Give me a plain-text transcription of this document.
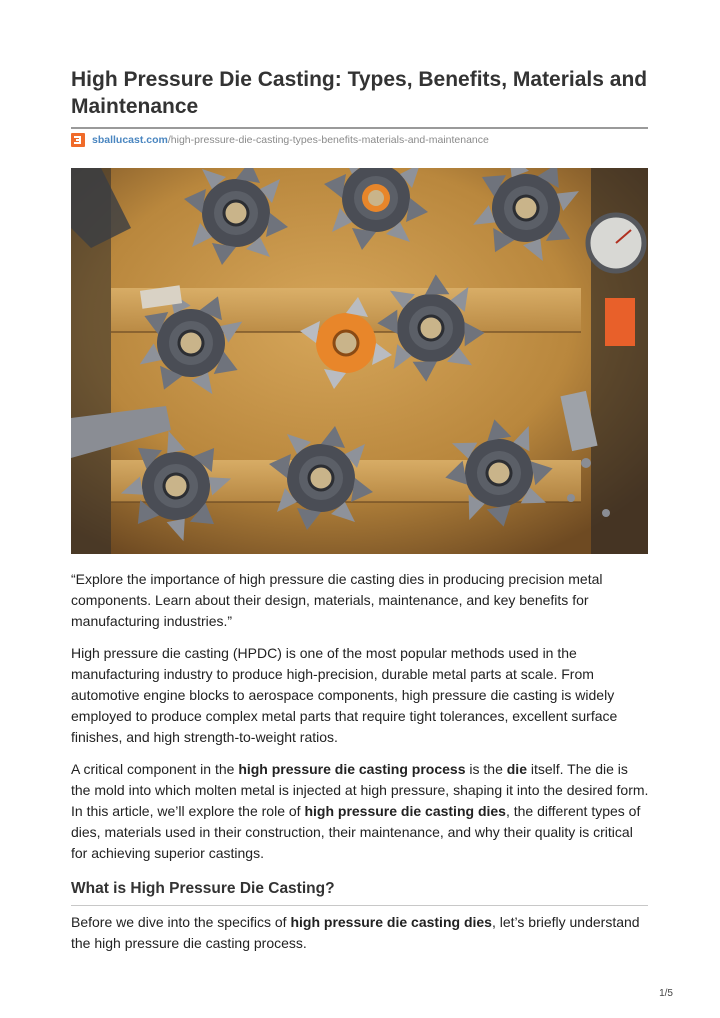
High Pressure Die Casting: Types, Benefits, Materials and Maintenance
sballucast.com /high-pressure-die-casting-types-benefits-materials-and-maintenance

“Explore the importance of high pressure die casting dies in producing precision metal components. Learn about their design, materials, maintenance, and key benefits for manufacturing industries.”

High pressure die casting (HPDC) is one of the most popular methods used in the manufacturing industry to produce high-precision, durable metal parts at scale. From automotive engine blocks to aerospace components, high pressure die casting is widely employed to produce complex metal parts that require tight tolerances, excellent surface finishes, and high strength-to-weight ratios.

A critical component in the high pressure die casting process is the die itself. The die is the mold into which molten metal is injected at high pressure, shaping it into the desired form. In this article, we’ll explore the role of high pressure die casting dies, the different types of dies, materials used in their construction, their maintenance, and why their quality is critical for achieving superior castings.

What is High Pressure Die Casting?

Before we dive into the specifics of high pressure die casting dies, let’s briefly understand the high pressure die casting process.

1/5
